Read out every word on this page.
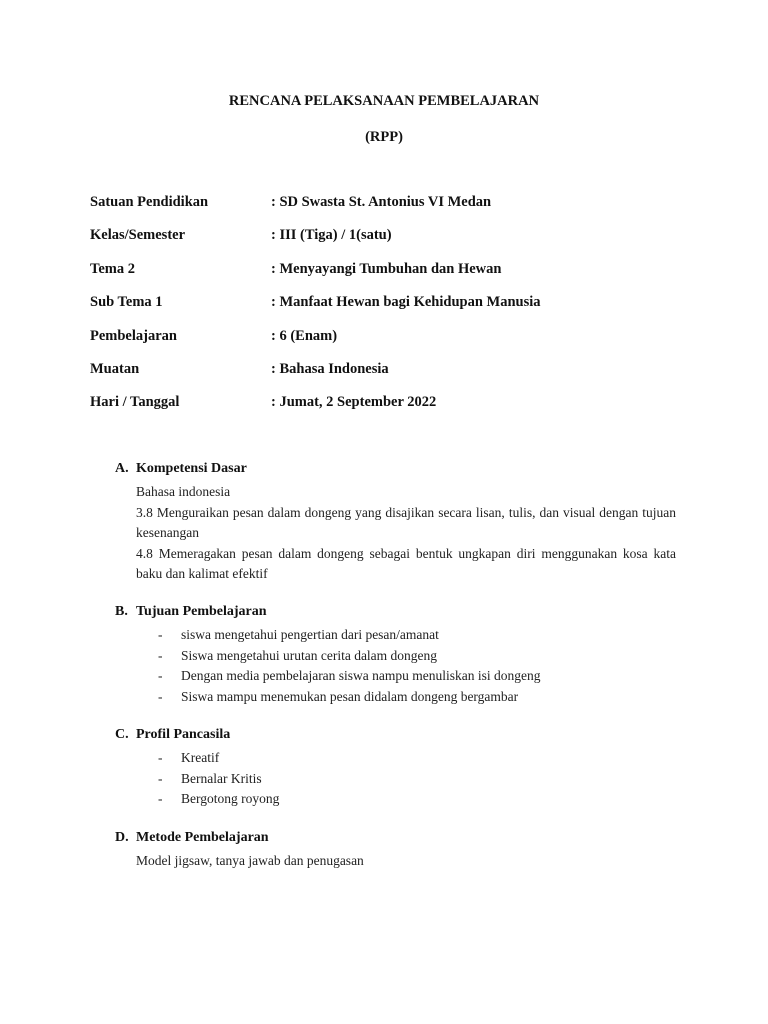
RENCANA PELAKSANAAN PEMBELAJARAN
(RPP)
Satuan Pendidikan	: SD Swasta St. Antonius VI Medan
Kelas/Semester	: III (Tiga) / 1(satu)
Tema 2	: Menyayangi Tumbuhan dan Hewan
Sub Tema 1	: Manfaat Hewan bagi Kehidupan Manusia
Pembelajaran	: 6 (Enam)
Muatan	: Bahasa Indonesia
Hari / Tanggal	: Jumat, 2 September 2022
A. Kompetensi Dasar
Bahasa indonesia
3.8 Menguraikan pesan dalam dongeng yang disajikan secara lisan, tulis, dan visual dengan tujuan kesenangan
4.8 Memeragakan pesan dalam dongeng sebagai bentuk ungkapan diri menggunakan kosa kata baku dan kalimat efektif
B. Tujuan Pembelajaran
- siswa mengetahui pengertian dari pesan/amanat
- Siswa mengetahui urutan cerita dalam dongeng
- Dengan media pembelajaran siswa nampu menuliskan isi dongeng
- Siswa mampu menemukan pesan didalam dongeng bergambar
C. Profil Pancasila
- Kreatif
- Bernalar Kritis
- Bergotong royong
D. Metode Pembelajaran
Model jigsaw, tanya jawab dan penugasan
